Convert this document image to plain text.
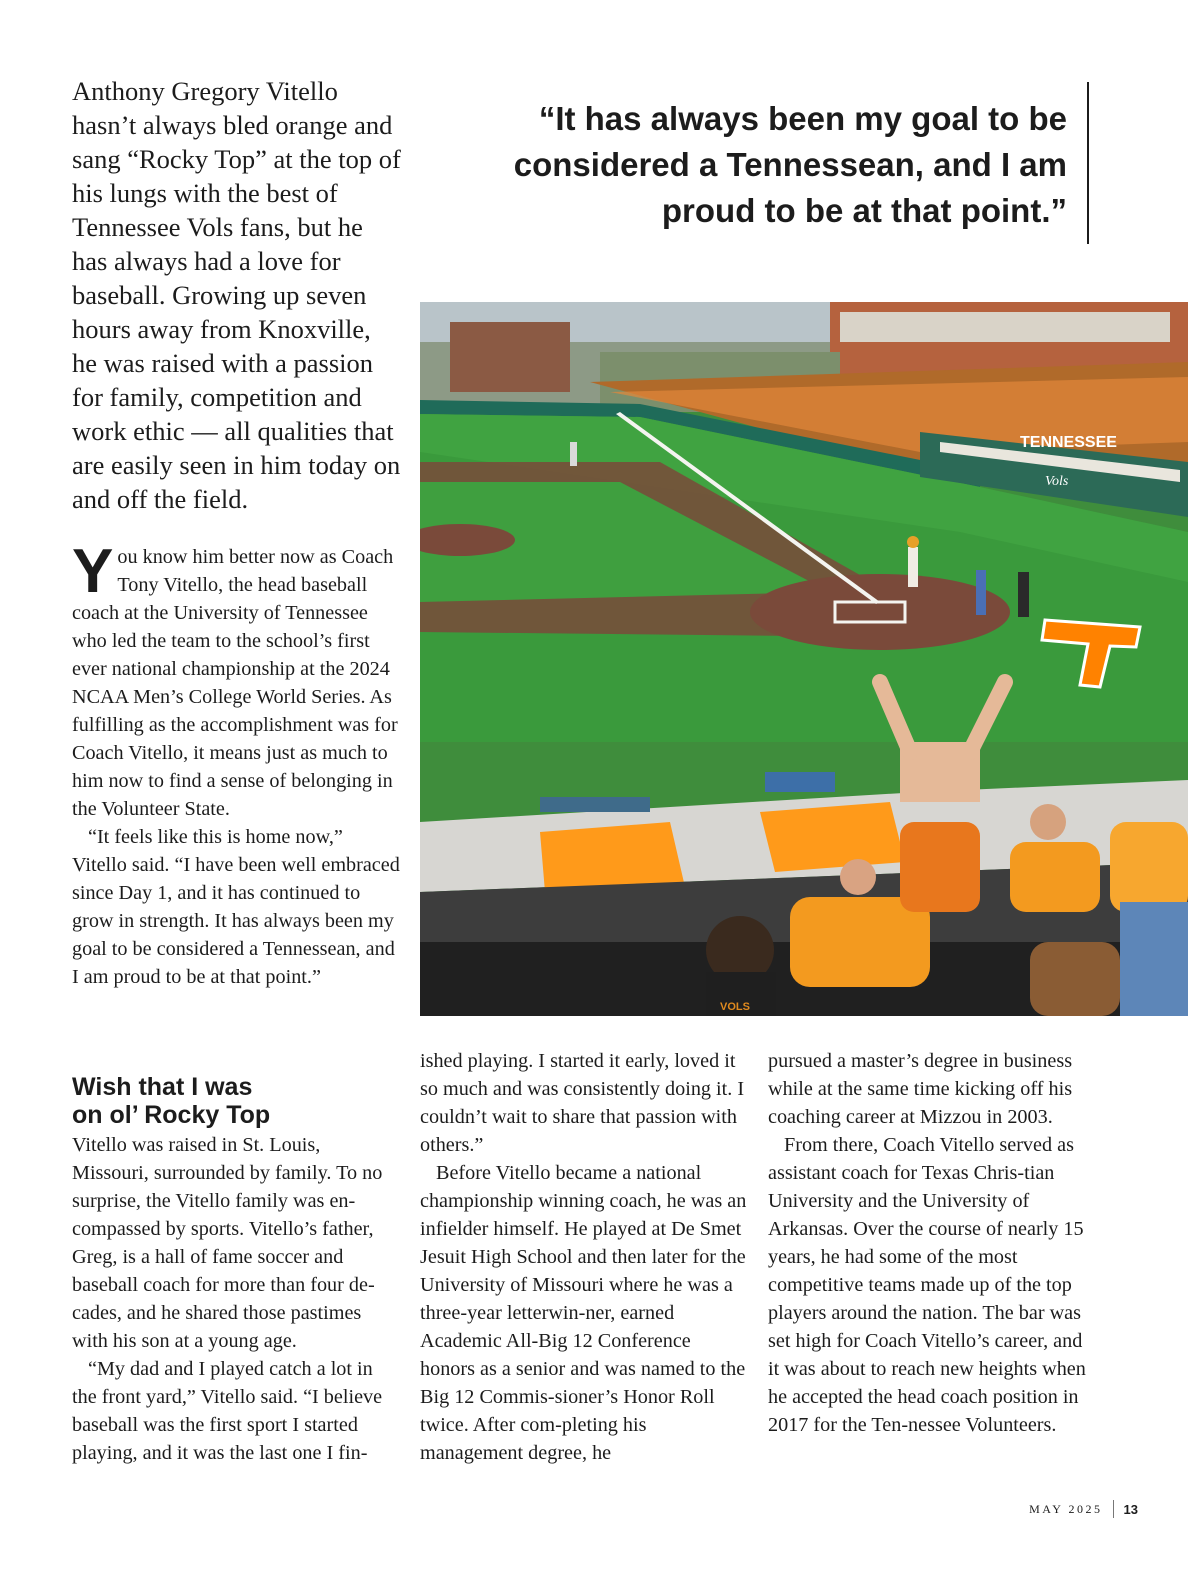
Anthony Gregory Vitello hasn’t always bled orange and sang “Rocky Top” at the top of his lungs with the best of Tennessee Vols fans, but he has always had a love for baseball. Growing up seven hours away from Knoxville, he was raised with a passion for family, competition and work ethic — all qualities that are easily seen in him today on and off the field.

“It has always been my goal to be considered a Tennessean, and I am proud to be at that point.”

TENNESSEE
Vols
VOLS

You know him better now as Coach Tony Vitello, the head baseball coach at the University of Tennessee who led the team to the school’s first ever national championship at the 2024 NCAA Men’s College World Series. As fulfilling as the accomplishment was for Coach Vitello, it means just as much to him now to find a sense of belonging in the Volunteer State.

“It feels like this is home now,” Vitello said. “I have been well embraced since Day 1, and it has continued to grow in strength. It has always been my goal to be considered a Tennessean, and I am proud to be at that point.”

Wish that I was
on ol’ Rocky Top

Vitello was raised in St. Louis, Missouri, surrounded by family. To no surprise, the Vitello family was en-compassed by sports. Vitello’s father, Greg, is a hall of fame soccer and baseball coach for more than four de-cades, and he shared those pastimes with his son at a young age.

“My dad and I played catch a lot in the front yard,” Vitello said. “I believe baseball was the first sport I started playing, and it was the last one I fin-

ished playing. I started it early, loved it so much and was consistently doing it. I couldn’t wait to share that passion with others.”

Before Vitello became a national championship winning coach, he was an infielder himself. He played at De Smet Jesuit High School and then later for the University of Missouri where he was a three-year letterwin-ner, earned Academic All-Big 12 Conference honors as a senior and was named to the Big 12 Commis-sioner’s Honor Roll twice. After com-pleting his management degree, he

pursued a master’s degree in business while at the same time kicking off his coaching career at Mizzou in 2003.

From there, Coach Vitello served as assistant coach for Texas Chris-tian University and the University of Arkansas. Over the course of nearly 15 years, he had some of the most competitive teams made up of the top players around the nation. The bar was set high for Coach Vitello’s career, and it was about to reach new heights when he accepted the head coach position in 2017 for the Ten-nessee Volunteers.

MAY 2025 13
